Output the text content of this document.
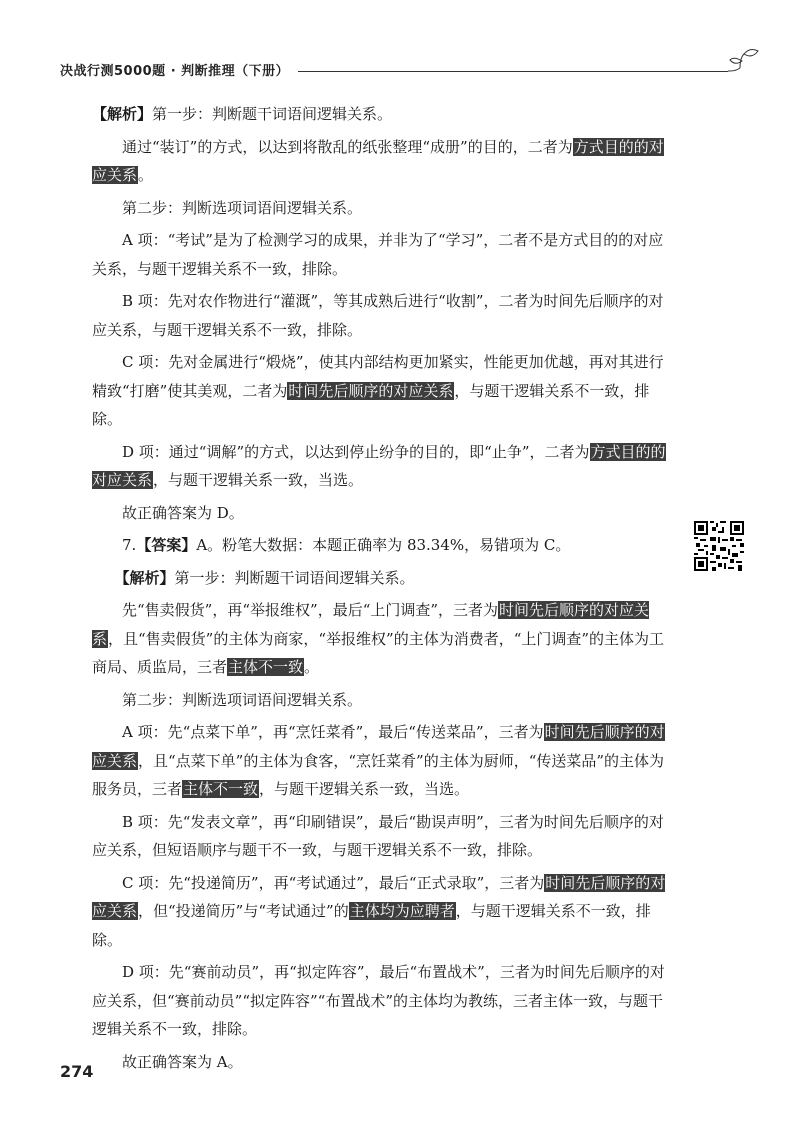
决战行测5000题 · 判断推理（下册）

【解析】第一步：判断题干词语间逻辑关系。

　　通过“装订”的方式，以达到将散乱的纸张整理“成册”的目的，二者为方式目的的对应关系。

　　第二步：判断选项词语间逻辑关系。

　　A 项：“考试”是为了检测学习的成果，并非为了“学习”，二者不是方式目的的对应关系，与题干逻辑关系不一致，排除。

　　B 项：先对农作物进行“灌溉”，等其成熟后进行“收割”，二者为时间先后顺序的对应关系，与题干逻辑关系不一致，排除。

　　C 项：先对金属进行“煅烧”，使其内部结构更加紧实，性能更加优越，再对其进行精致“打磨”使其美观，二者为时间先后顺序的对应关系，与题干逻辑关系不一致，排除。

　　D 项：通过“调解”的方式，以达到停止纷争的目的，即“止争”，二者为方式目的的对应关系，与题干逻辑关系一致，当选。

　　故正确答案为 D。

　　7.【答案】A。粉笔大数据：本题正确率为 83.34%，易错项为 C。

　　【解析】第一步：判断题干词语间逻辑关系。

　　先“售卖假货”，再“举报维权”，最后“上门调查”，三者为时间先后顺序的对应关系，且“售卖假货”的主体为商家，“举报维权”的主体为消费者，“上门调查”的主体为工商局、质监局，三者主体不一致。

　　第二步：判断选项词语间逻辑关系。

　　A 项：先“点菜下单”，再“烹饪菜肴”，最后“传送菜品”，三者为时间先后顺序的对应关系，且“点菜下单”的主体为食客，“烹饪菜肴”的主体为厨师，“传送菜品”的主体为服务员，三者主体不一致，与题干逻辑关系一致，当选。

　　B 项：先“发表文章”，再“印刷错误”，最后“勘误声明”，三者为时间先后顺序的对应关系，但短语顺序与题干不一致，与题干逻辑关系不一致，排除。

　　C 项：先“投递简历”，再“考试通过”，最后“正式录取”，三者为时间先后顺序的对应关系，但“投递简历”与“考试通过”的主体均为应聘者，与题干逻辑关系不一致，排除。

　　D 项：先“赛前动员”，再“拟定阵容”，最后“布置战术”，三者为时间先后顺序的对应关系，但“赛前动员”“拟定阵容”“布置战术”的主体均为教练，三者主体一致，与题干逻辑关系不一致，排除。

　　故正确答案为 A。

274
